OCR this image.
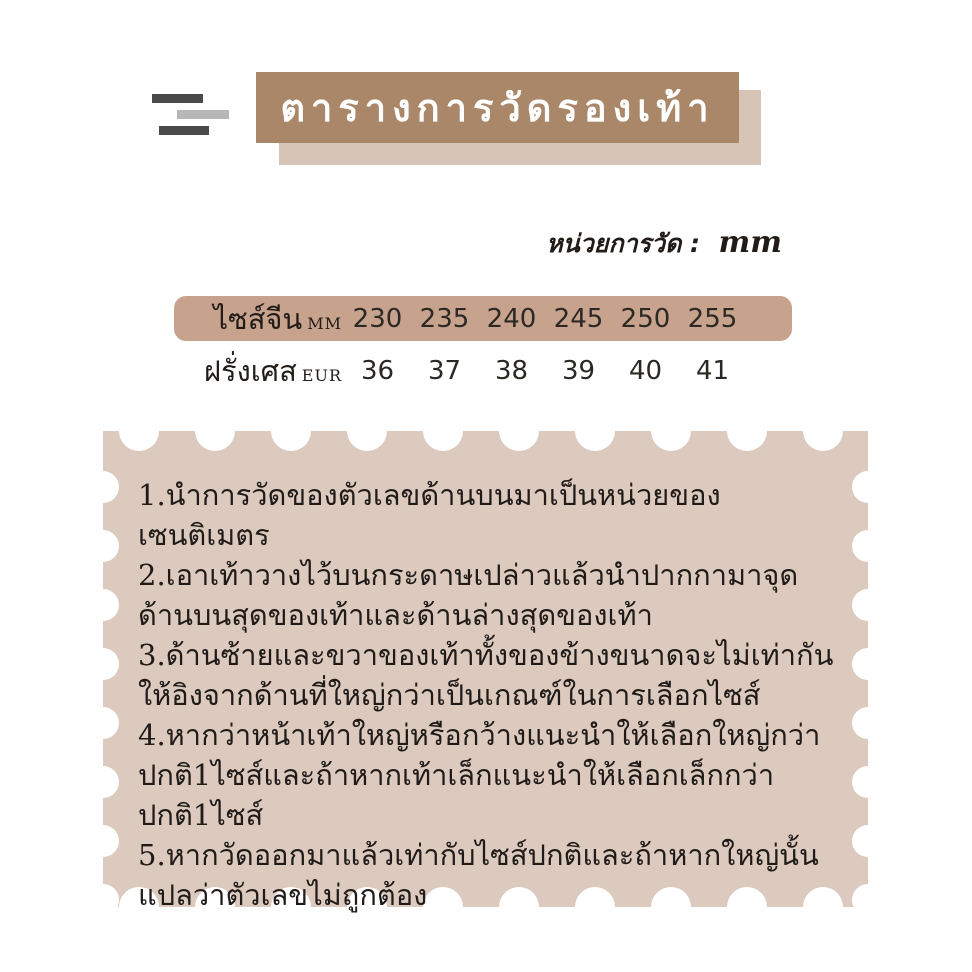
ตารางการวัดรองเท้า
หน่วยการวัด : mm
ไซส์จีน MM 230 235 240 245 250 255
ฝรั่งเศส EUR 36	37	38	39	40	41

1.นำการวัดของตัวเลขด้านบนมาเป็นหน่วยของเซนติเมตร

2.เอาเท้าวางไว้บนกระดาษเปล่าวแล้วนำปากกามาจุดด้านบนสุดของเท้าและด้านล่างสุดของเท้า

3.ด้านซ้ายและขวาของเท้าทั้งของข้างขนาดจะไม่เท่ากันให้อิงจากด้านที่ใหญ่กว่าเป็นเกณฑ์ในการเลือกไซส์

4.หากว่าหน้าเท้าใหญ่หรือกว้างแนะนำให้เลือกใหญ่กว่าปกติ1ไซส์และถ้าหากเท้าเล็กแนะนำให้เลือกเล็กกว่าปกติ1ไซส์

5.หากวัดออกมาแล้วเท่ากับไซส์ปกติและถ้าหากใหญ่นั้นแปลว่าตัวเลขไม่ถูกต้อง
